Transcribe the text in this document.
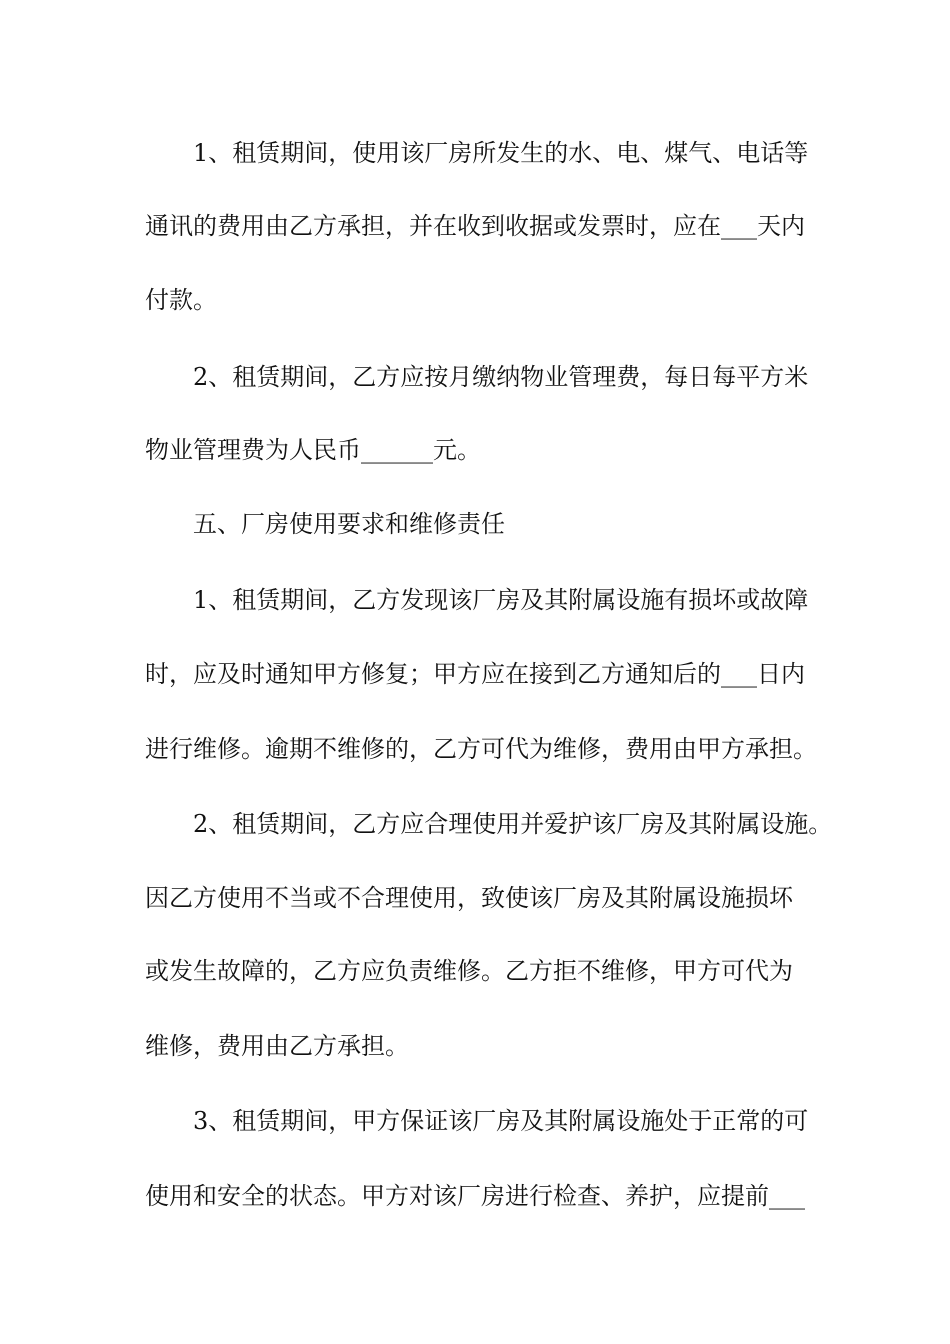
1、租赁期间，使用该厂房所发生的水、电、煤气、电话等
通讯的费用由乙方承担，并在收到收据或发票时，应在___天内
付款。
2、租赁期间，乙方应按月缴纳物业管理费，每日每平方米
物业管理费为人民币______元。
五、厂房使用要求和维修责任
1、租赁期间，乙方发现该厂房及其附属设施有损坏或故障
时，应及时通知甲方修复；甲方应在接到乙方通知后的___日内
进行维修。逾期不维修的，乙方可代为维修，费用由甲方承担。
2、租赁期间，乙方应合理使用并爱护该厂房及其附属设施。
因乙方使用不当或不合理使用，致使该厂房及其附属设施损坏
或发生故障的，乙方应负责维修。乙方拒不维修，甲方可代为
维修，费用由乙方承担。
3、租赁期间，甲方保证该厂房及其附属设施处于正常的可
使用和安全的状态。甲方对该厂房进行检查、养护，应提前___
